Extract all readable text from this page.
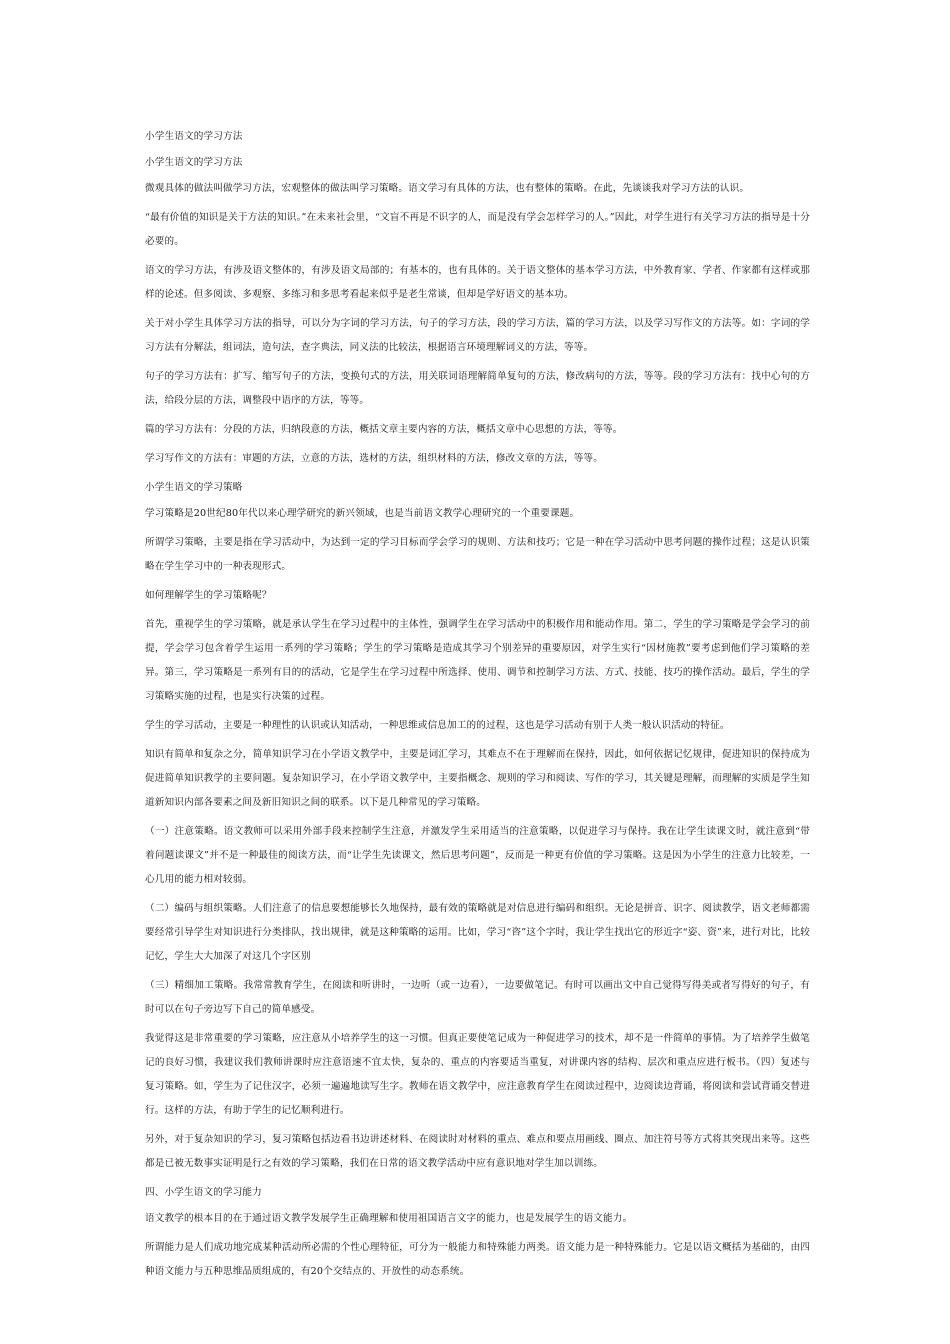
小学生语文的学习方法

小学生语文的学习方法

微观具体的做法叫做学习方法，宏观整体的做法叫学习策略。语文学习有具体的方法，也有整体的策略。在此，先谈谈我对学习方法的认识。

“最有价值的知识是关于方法的知识。”在未来社会里，“文盲不再是不识字的人，而是没有学会怎样学习的人。”因此，对学生进行有关学习方法的指导是十分必要的。

语文的学习方法，有涉及语文整体的，有涉及语文局部的；有基本的，也有具体的。关于语文整体的基本学习方法，中外教育家、学者、作家都有这样或那样的论述。但多阅读、多观察、多练习和多思考看起来似乎是老生常谈，但却是学好语文的基本功。

关于对小学生具体学习方法的指导，可以分为字词的学习方法，句子的学习方法，段的学习方法，篇的学习方法，以及学习写作文的方法等。如：字词的学习方法有分解法，组词法，造句法，查字典法，同义法的比较法，根据语言环境理解词义的方法，等等。

句子的学习方法有：扩写、缩写句子的方法，变换句式的方法，用关联词语理解简单复句的方法，修改病句的方法，等等。段的学习方法有：找中心句的方法，给段分层的方法，调整段中语序的方法，等等。

篇的学习方法有：分段的方法，归纳段意的方法，概括文章主要内容的方法，概括文章中心思想的方法，等等。

学习写作文的方法有：审题的方法，立意的方法，选材的方法，组织材料的方法，修改文章的方法，等等。

小学生语文的学习策略

学习策略是20世纪80年代以来心理学研究的新兴领域，也是当前语文教学心理研究的一个重要课题。

所谓学习策略，主要是指在学习活动中，为达到一定的学习目标而学会学习的规则、方法和技巧；它是一种在学习活动中思考问题的操作过程；这是认识策略在学生学习中的一种表现形式。

如何理解学生的学习策略呢？

首先，重视学生的学习策略，就是承认学生在学习过程中的主体性，强调学生在学习活动中的积极作用和能动作用。第二，学生的学习策略是学会学习的前提，学会学习包含着学生运用一系列的学习策略；学生的学习策略是造成其学习个别差异的重要原因，对学生实行“因材施教”要考虑到他们学习策略的差异。第三，学习策略是一系列有目的的活动，它是学生在学习过程中所选择、使用、调节和控制学习方法、方式、技能、技巧的操作活动。最后，学生的学习策略实施的过程，也是实行决策的过程。

学生的学习活动，主要是一种理性的认识或认知活动，一种思维或信息加工的的过程，这也是学习活动有别于人类一般认识活动的特征。

知识有简单和复杂之分，简单知识学习在小学语文教学中，主要是词汇学习，其难点不在于理解而在保持，因此，如何依据记忆规律，促进知识的保持成为促进简单知识教学的主要问题。复杂知识学习，在小学语文教学中，主要指概念、规则的学习和阅读、写作的学习，其关键是理解，而理解的实质是学生知道新知识内部各要素之间及新旧知识之间的联系。以下是几种常见的学习策略。

（一）注意策略。语文教师可以采用外部手段来控制学生注意，并激发学生采用适当的注意策略，以促进学习与保持。我在让学生读课文时，就注意到“带着问题读课文”并不是一种最佳的阅读方法，而“让学生先读课文，然后思考问题”，反而是一种更有价值的学习策略。这是因为小学生的注意力比较差，一心几用的能力相对较弱。

（二）编码与组织策略。人们注意了的信息要想能够长久地保持，最有效的策略就是对信息进行编码和组织。无论是拼音、识字、阅读教学，语文老师都需要经常引导学生对知识进行分类排队，找出规律，就是这种策略的运用。比如，学习“咨”这个字时，我让学生找出它的形近字“姿、资”来，进行对比，比较记忆，学生大大加深了对这几个字区别

（三）精细加工策略。我常常教育学生，在阅读和听讲时，一边听（或一边看），一边要做笔记。有时可以画出文中自己觉得写得美或者写得好的句子，有时可以在句子旁边写下自己的简单感受。

我觉得这是非常重要的学习策略，应注意从小培养学生的这一习惯。但真正要使笔记成为一种促进学习的技术，却不是一件简单的事情。为了培养学生做笔记的良好习惯，我建议我们教师讲课时应注意语速不宜太快，复杂的、重点的内容要适当重复，对讲课内容的结构、层次和重点应进行板书。（四）复述与复习策略。如，学生为了记住汉字，必须一遍遍地读写生字。教师在语文教学中，应注意教育学生在阅读过程中，边阅读边背诵，将阅读和尝试背诵交替进行。这样的方法，有助于学生的记忆顺利进行。

另外，对于复杂知识的学习，复习策略包括边看书边讲述材料、在阅读时对材料的重点、难点和要点用画线、圈点、加注符号等方式将其突现出来等。这些都是已被无数事实证明是行之有效的学习策略，我们在日常的语文教学活动中应有意识地对学生加以训练。

四、小学生语文的学习能力

语文教学的根本目的在于通过语文教学发展学生正确理解和使用祖国语言文字的能力，也是发展学生的语文能力。

所谓能力是人们成功地完成某种活动所必需的个性心理特征，可分为一般能力和特殊能力两类。语文能力是一种特殊能力。它是以语文概括为基础的，由四种语文能力与五种思维品质组成的，有20个交结点的、开放性的动态系统。
